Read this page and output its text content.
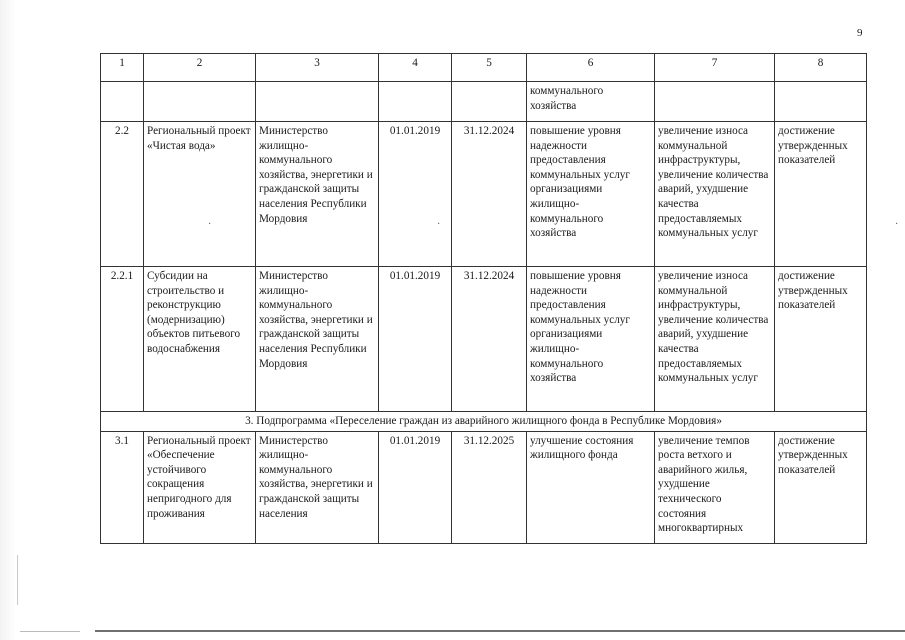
9
·	·	·
1	2	3	4	5	6	7	8
					коммунального хозяйства		
2.2	Региональный проект «Чистая вода»	Министерство жилищно-коммунального хозяйства, энергетики и гражданской защиты населения Республики Мордовия	01.01.2019	31.12.2024	повышение уровня надежности предоставления коммунальных услуг организациями жилищно-коммунального хозяйства	увеличение износа коммунальной инфраструктуры, увеличение количества аварий, ухудшение качества предоставляемых коммунальных услуг	достижение утвержденных показателей
2.2.1	Субсидии на строительство и реконструкцию (модернизацию) объектов питьевого водоснабжения	Министерство жилищно-коммунального хозяйства, энергетики и гражданской защиты населения Республики Мордовия	01.01.2019	31.12.2024	повышение уровня надежности предоставления коммунальных услуг организациями жилищно-коммунального хозяйства	увеличение износа коммунальной инфраструктуры, увеличение количества аварий, ухудшение качества предоставляемых коммунальных услуг	достижение утвержденных показателей
3. Подпрограмма «Переселение граждан из аварийного жилищного фонда в Республике Мордовия»							
3.1	Региональный проект «Обеспечение устойчивого сокращения непригодного для проживания	Министерство жилищно-коммунального хозяйства, энергетики и гражданской защиты населения	01.01.2019	31.12.2025	улучшение состояния жилищного фонда	увеличение темпов роста ветхого и аварийного жилья, ухудшение технического состояния многоквартирных	достижение утвержденных показателей
